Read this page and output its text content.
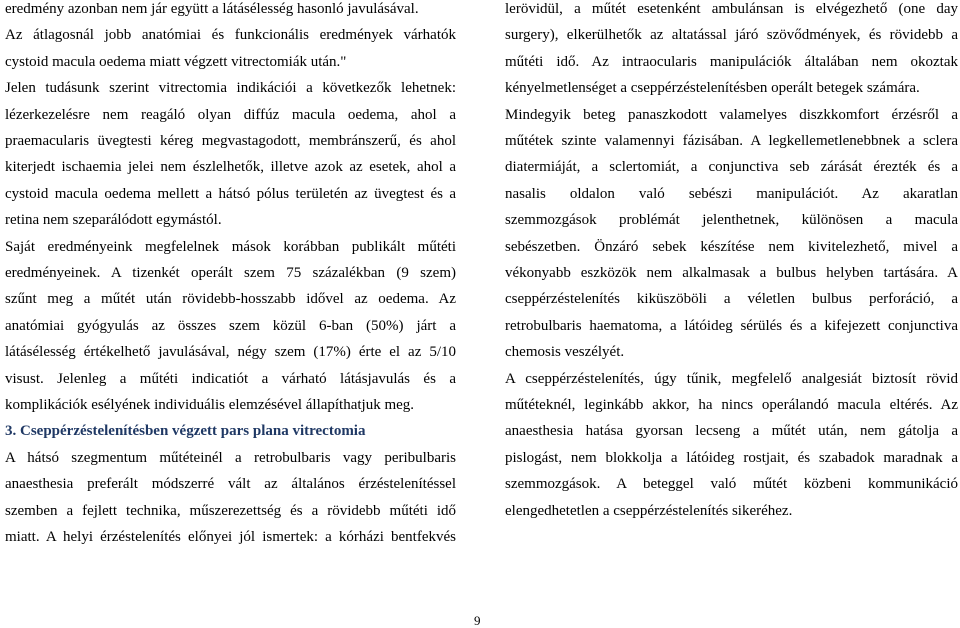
eredmény azonban nem jár együtt a látásélesség hasonló javulásával.
Az átlagosnál jobb anatómiai és funkcionális eredmények várhatók
cystoid macula oedema miatt végzett vitrectomiák után."
Jelen tudásunk szerint vitrectomia indikációi a következők lehetnek:
lézerkezelésre nem reagáló olyan diffúz macula oedema, ahol a
praemacularis üvegtesti kéreg megvastagodott, membránszerű, és ahol
kiterjedt ischaemia jelei nem észlelhetők, illetve azok az esetek, ahol a
cystoid macula oedema mellett a hátsó pólus területén az üvegtest és a
retina nem szeparálódott egymástól.
Saját eredményeink megfelelnek mások korábban publikált műtéti
eredményeinek. A tizenkét operált szem 75 százalékban (9 szem)
szűnt meg a műtét után rövidebb-hosszabb idővel az oedema. Az
anatómiai gyógyulás az összes szem közül 6-ban (50%) járt a
látásélesség értékelhető javulásával, négy szem (17%) érte el az 5/10
visust. Jelenleg a műtéti indicatiót a várható látásjavulás és a
komplikációk esélyének individuális elemzésével állapíthatjuk meg.
3. Cseppérzéstelenítésben végzett pars plana vitrectomia
A hátsó szegmentum műtéteinél a retrobulbaris vagy peribulbaris
anaesthesia preferált módszerré vált az általános érzéstelenítéssel
szemben a fejlett technika, műszerezettség és a rövidebb műtéti idő
miatt. A helyi érzéstelenítés előnyei jól ismertek: a kórházi bentfekvés
lerövidül, a műtét esetenként ambulánsan is elvégezhető (one day
surgery), elkerülhetők az altatással járó szövődmények, és rövidebb a
műtéti idő. Az intraocularis manipulációk általában nem okoztak
kényelmetlenséget a cseppérzéstelenítésben operált betegek számára.
Mindegyik beteg panaszkodott valamelyes diszkkomfort érzésről a
műtétek szinte valamennyi fázisában. A legkellemetlenebbnek a sclera
diatermiáját, a sclertomiát, a conjunctiva seb zárását érezték és a
nasalis oldalon való sebészi manipulációt. Az akaratlan
szemmozgások problémát jelenthetnek, különösen a macula
sebészetben. Önzáró sebek készítése nem kivitelezhető, mivel a
vékonyabb eszközök nem alkalmasak a bulbus helyben tartására. A
cseppérzéstelenítés kiküszöböli a véletlen bulbus perforáció, a
retrobulbaris haematoma, a látóideg sérülés és a kifejezett conjunctiva
chemosis veszélyét.
A cseppérzéstelenítés, úgy tűnik, megfelelő analgesiát biztosít rövid
műtéteknél, leginkább akkor, ha nincs operálandó macula eltérés. Az
anaesthesia hatása gyorsan lecseng a műtét után, nem gátolja a
pislogást, nem blokkolja a látóideg rostjait, és szabadok maradnak a
szemmozgások. A beteggel való műtét közbeni kommunikáció
elengedhetetlen a cseppérzéstelenítés sikeréhez.
9
